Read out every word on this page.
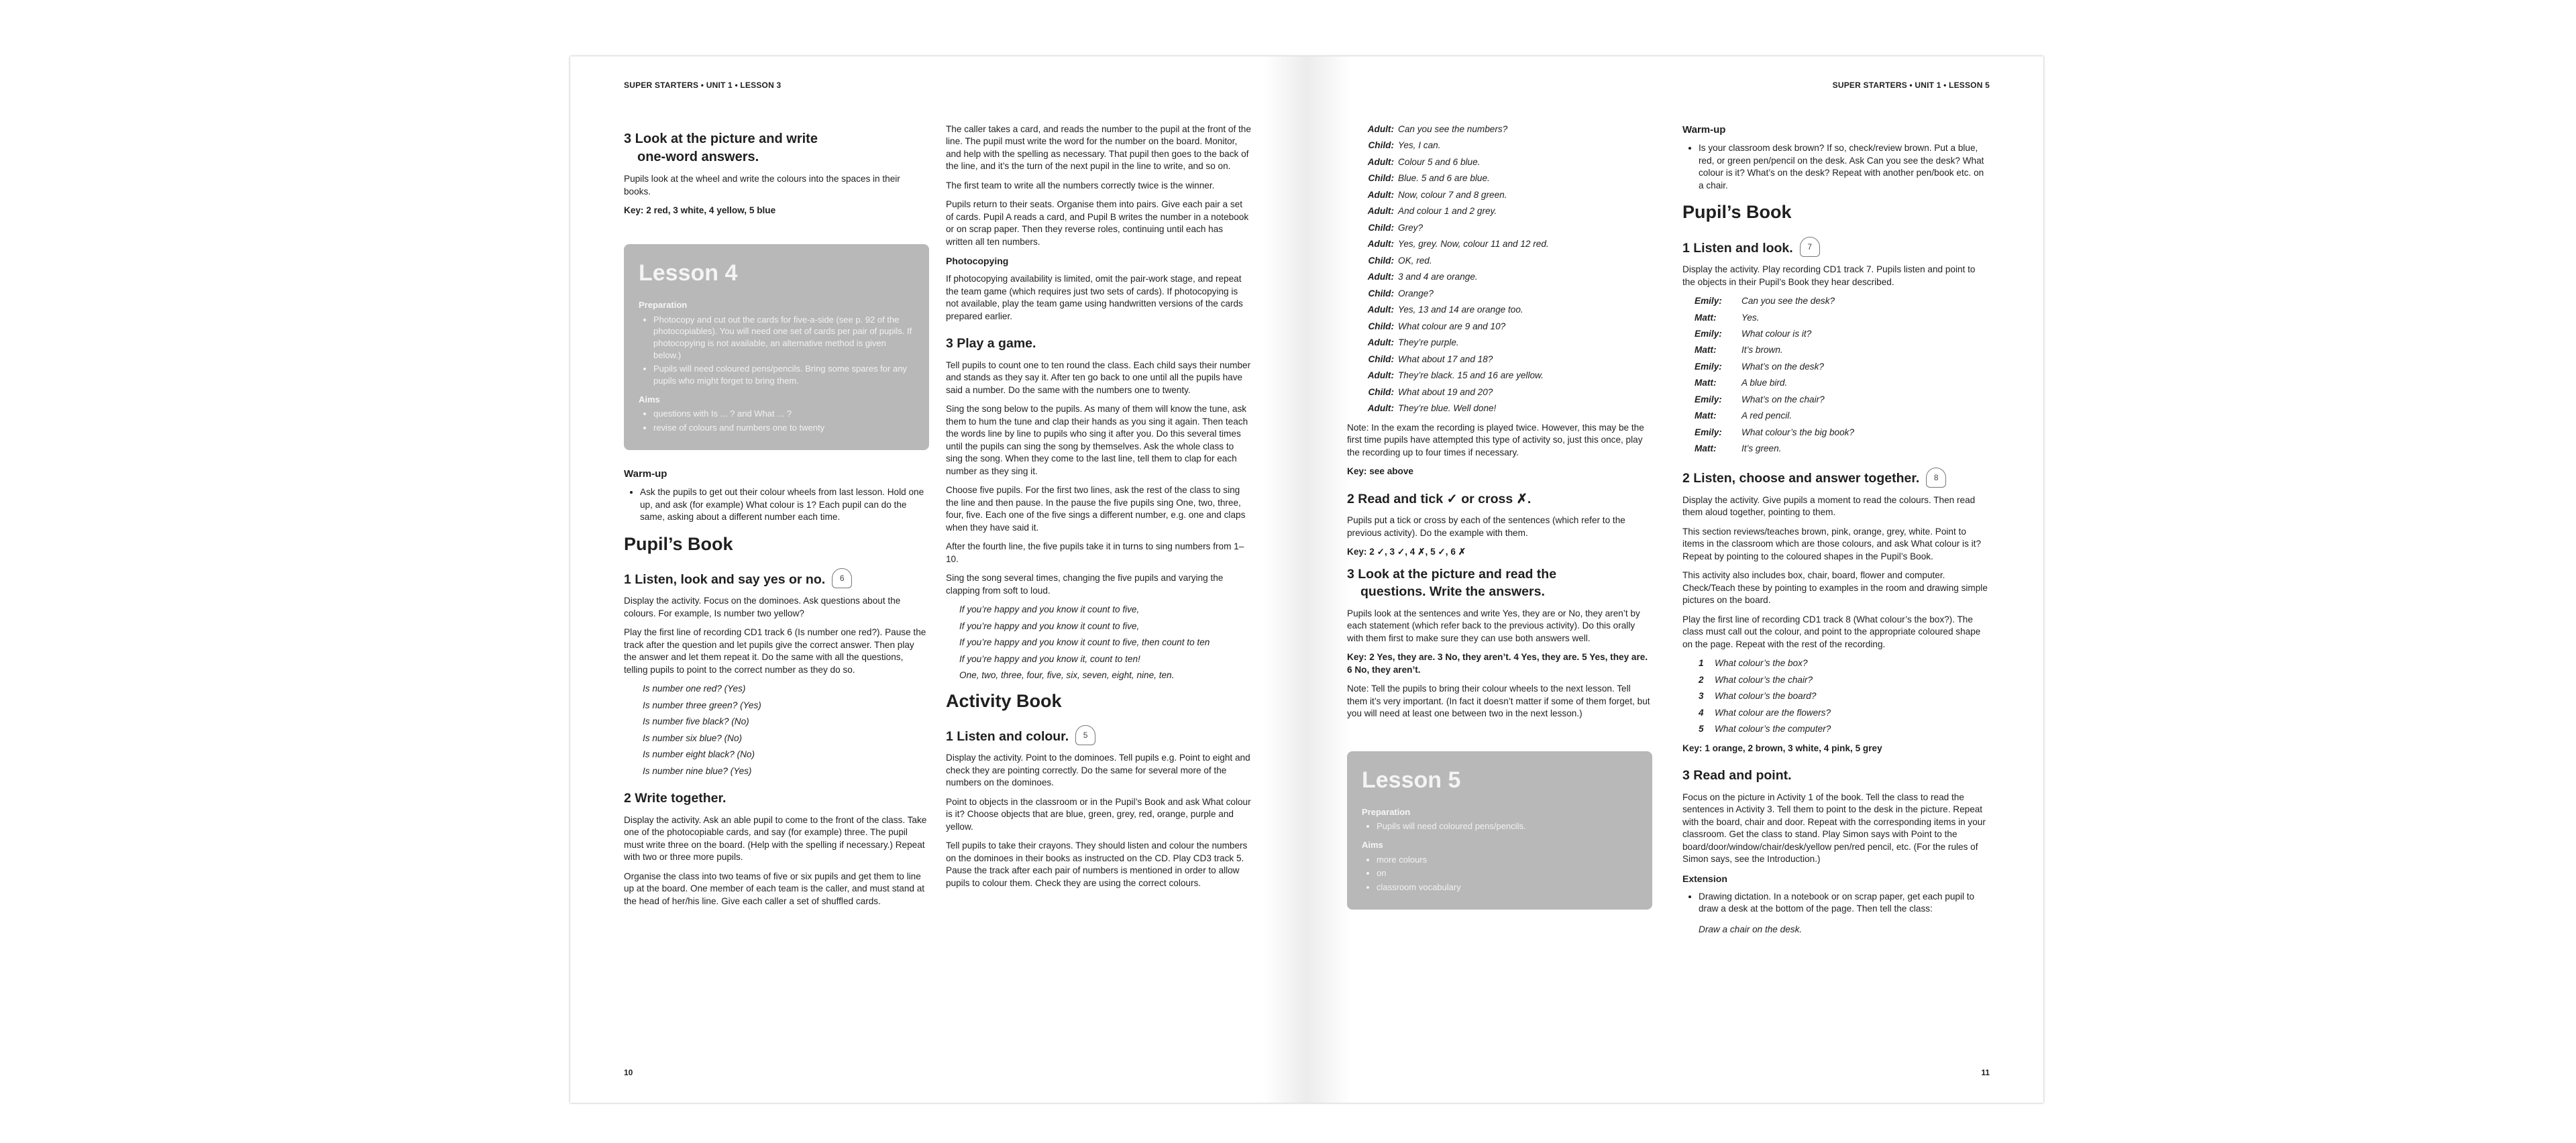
SUPER STARTERS • UNIT 1 • LESSON 3
3 Look at the picture and write
one-word answers.

Pupils look at the wheel and write the colours into the spaces in their books.

Key: 2 red, 3 white, 4 yellow, 5 blue

Lesson 4
Preparation
• Photocopy and cut out the cards for five-a-side (see p. 92 of the photocopiables). You will need one set of cards per pair of pupils. If photocopying is not available, an alternative method is given below.)
• Pupils will need coloured pens/pencils. Bring some spares for any pupils who might forget to bring them.
Aims
• questions with Is ... ? and What ... ?
• revise of colours and numbers one to twenty
Warm-up
• Ask the pupils to get out their colour wheels from last lesson. Hold one up, and ask (for example) What colour is 1? Each pupil can do the same, asking about a different number each time.
Pupil’s Book
1 Listen, look and say yes or no.	6

Display the activity. Focus on the dominoes. Ask questions about the colours. For example, Is number two yellow?

Play the first line of recording CD1 track 6 (Is number one red?). Pause the track after the question and let pupils give the correct answer. Then play the answer and let them repeat it. Do the same with all the questions, telling pupils to point to the correct number as they do so.

Is number one red? (Yes)
Is number three green? (Yes)
Is number five black? (No)
Is number six blue? (No)
Is number eight black? (No)
Is number nine blue? (Yes)
2 Write together.

Display the activity. Ask an able pupil to come to the front of the class. Take one of the photocopiable cards, and say (for example) three. The pupil must write three on the board. (Help with the spelling if necessary.) Repeat with two or three more pupils.

Organise the class into two teams of five or six pupils and get them to line up at the board. One member of each team is the caller, and must stand at the head of her/his line. Give each caller a set of shuffled cards.

The caller takes a card, and reads the number to the pupil at the front of the line. The pupil must write the word for the number on the board. Monitor, and help with the spelling as necessary. That pupil then goes to the back of the line, and it’s the turn of the next pupil in the line to write, and so on.

The first team to write all the numbers correctly twice is the winner.

Pupils return to their seats. Organise them into pairs. Give each pair a set of cards. Pupil A reads a card, and Pupil B writes the number in a notebook or on scrap paper. Then they reverse roles, continuing until each has written all ten numbers.

Photocopying

If photocopying availability is limited, omit the pair-work stage, and repeat the team game (which requires just two sets of cards). If photocopying is not available, play the team game using handwritten versions of the cards prepared earlier.

3 Play a game.

Tell pupils to count one to ten round the class. Each child says their number and stands as they say it. After ten go back to one until all the pupils have said a number. Do the same with the numbers one to twenty.

Sing the song below to the pupils. As many of them will know the tune, ask them to hum the tune and clap their hands as you sing it again. Then teach the words line by line to pupils who sing it after you. Do this several times until the pupils can sing the song by themselves. Ask the whole class to sing the song. When they come to the last line, tell them to clap for each number as they sing it.

Choose five pupils. For the first two lines, ask the rest of the class to sing the line and then pause. In the pause the five pupils sing One, two, three, four, five. Each one of the five sings a different number, e.g. one and claps when they have said it.

After the fourth line, the five pupils take it in turns to sing numbers from 1–10.

Sing the song several times, changing the five pupils and varying the clapping from soft to loud.

If you’re happy and you know it count to five,
If you’re happy and you know it count to five,
If you’re happy and you know it count to five, then count to ten
If you’re happy and you know it, count to ten!
One, two, three, four, five, six, seven, eight, nine, ten.
Activity Book
1 Listen and colour.	5

Display the activity. Point to the dominoes. Tell pupils e.g. Point to eight and check they are pointing correctly. Do the same for several more of the numbers on the dominoes.

Point to objects in the classroom or in the Pupil’s Book and ask What colour is it? Choose objects that are blue, green, grey, red, orange, purple and yellow.

Tell pupils to take their crayons. They should listen and colour the numbers on the dominoes in their books as instructed on the CD. Play CD3 track 5. Pause the track after each pair of numbers is mentioned in order to allow pupils to colour them. Check they are using the correct colours.

10
SUPER STARTERS • UNIT 1 • LESSON 5
Adult: Can you see the numbers?
Child: Yes, I can.
Adult: Colour 5 and 6 blue.
Child: Blue. 5 and 6 are blue.
Adult: Now, colour 7 and 8 green.
Adult: And colour 1 and 2 grey.
Child: Grey?
Adult: Yes, grey. Now, colour 11 and 12 red.
Child: OK, red.
Adult: 3 and 4 are orange.
Child: Orange?
Adult: Yes, 13 and 14 are orange too.
Child: What colour are 9 and 10?
Adult: They’re purple.
Child: What about 17 and 18?
Adult: They’re black. 15 and 16 are yellow.
Child: What about 19 and 20?
Adult: They’re blue. Well done!

Note: In the exam the recording is played twice. However, this may be the first time pupils have attempted this type of activity so, just this once, play the recording up to four times if necessary.

Key: see above

2 Read and tick ✓ or cross ✗.

Pupils put a tick or cross by each of the sentences (which refer to the previous activity). Do the example with them.

Key: 2 ✓, 3 ✓, 4 ✗, 5 ✓, 6 ✗

3 Look at the picture and read the
questions. Write the answers.

Pupils look at the sentences and write Yes, they are or No, they aren’t by each statement (which refer back to the previous activity). Do this orally with them first to make sure they can use both answers well.

Key: 2 Yes, they are. 3 No, they aren’t. 4 Yes, they are. 5 Yes, they are. 6 No, they aren’t.

Note: Tell the pupils to bring their colour wheels to the next lesson. Tell them it’s very important. (In fact it doesn’t matter if some of them forget, but you will need at least one between two in the next lesson.)

Lesson 5
Preparation
• Pupils will need coloured pens/pencils.
Aims
• more colours
• on
• classroom vocabulary
Warm-up
• Is your classroom desk brown? If so, check/review brown. Put a blue, red, or green pen/pencil on the desk. Ask Can you see the desk? What colour is it? What’s on the desk? Repeat with another pen/book etc. on a chair.
Pupil’s Book
1 Listen and look.	7

Display the activity. Play recording CD1 track 7. Pupils listen and point to the objects in their Pupil’s Book they hear described.

Emily:	Can you see the desk?
Matt:	Yes.
Emily:	What colour is it?
Matt:	It’s brown.
Emily:	What’s on the desk?
Matt:	A blue bird.
Emily:	What’s on the chair?
Matt:	A red pencil.
Emily:	What colour’s the big book?
Matt:	It’s green.
2 Listen, choose and answer together.	8

Display the activity. Give pupils a moment to read the colours. Then read them aloud together, pointing to them.

This section reviews/teaches brown, pink, orange, grey, white. Point to items in the classroom which are those colours, and ask What colour is it? Repeat by pointing to the coloured shapes in the Pupil’s Book.

This activity also includes box, chair, board, flower and computer. Check/Teach these by pointing to examples in the room and drawing simple pictures on the board.

Play the first line of recording CD1 track 8 (What colour’s the box?). The class must call out the colour, and point to the appropriate coloured shape on the page. Repeat with the rest of the recording.

1	What colour’s the box?
2	What colour’s the chair?
3	What colour’s the board?
4	What colour are the flowers?
5	What colour’s the computer?

Key: 1 orange, 2 brown, 3 white, 4 pink, 5 grey

3 Read and point.

Focus on the picture in Activity 1 of the book. Tell the class to read the sentences in Activity 3. Tell them to point to the desk in the picture. Repeat with the board, chair and door. Repeat with the corresponding items in your classroom. Get the class to stand. Play Simon says with Point to the board/door/window/chair/desk/yellow pen/red pencil, etc. (For the rules of Simon says, see the Introduction.)

Extension
• Drawing dictation. In a notebook or on scrap paper, get each pupil to draw a desk at the bottom of the page. Then tell the class:
Draw a chair on the desk.
11
